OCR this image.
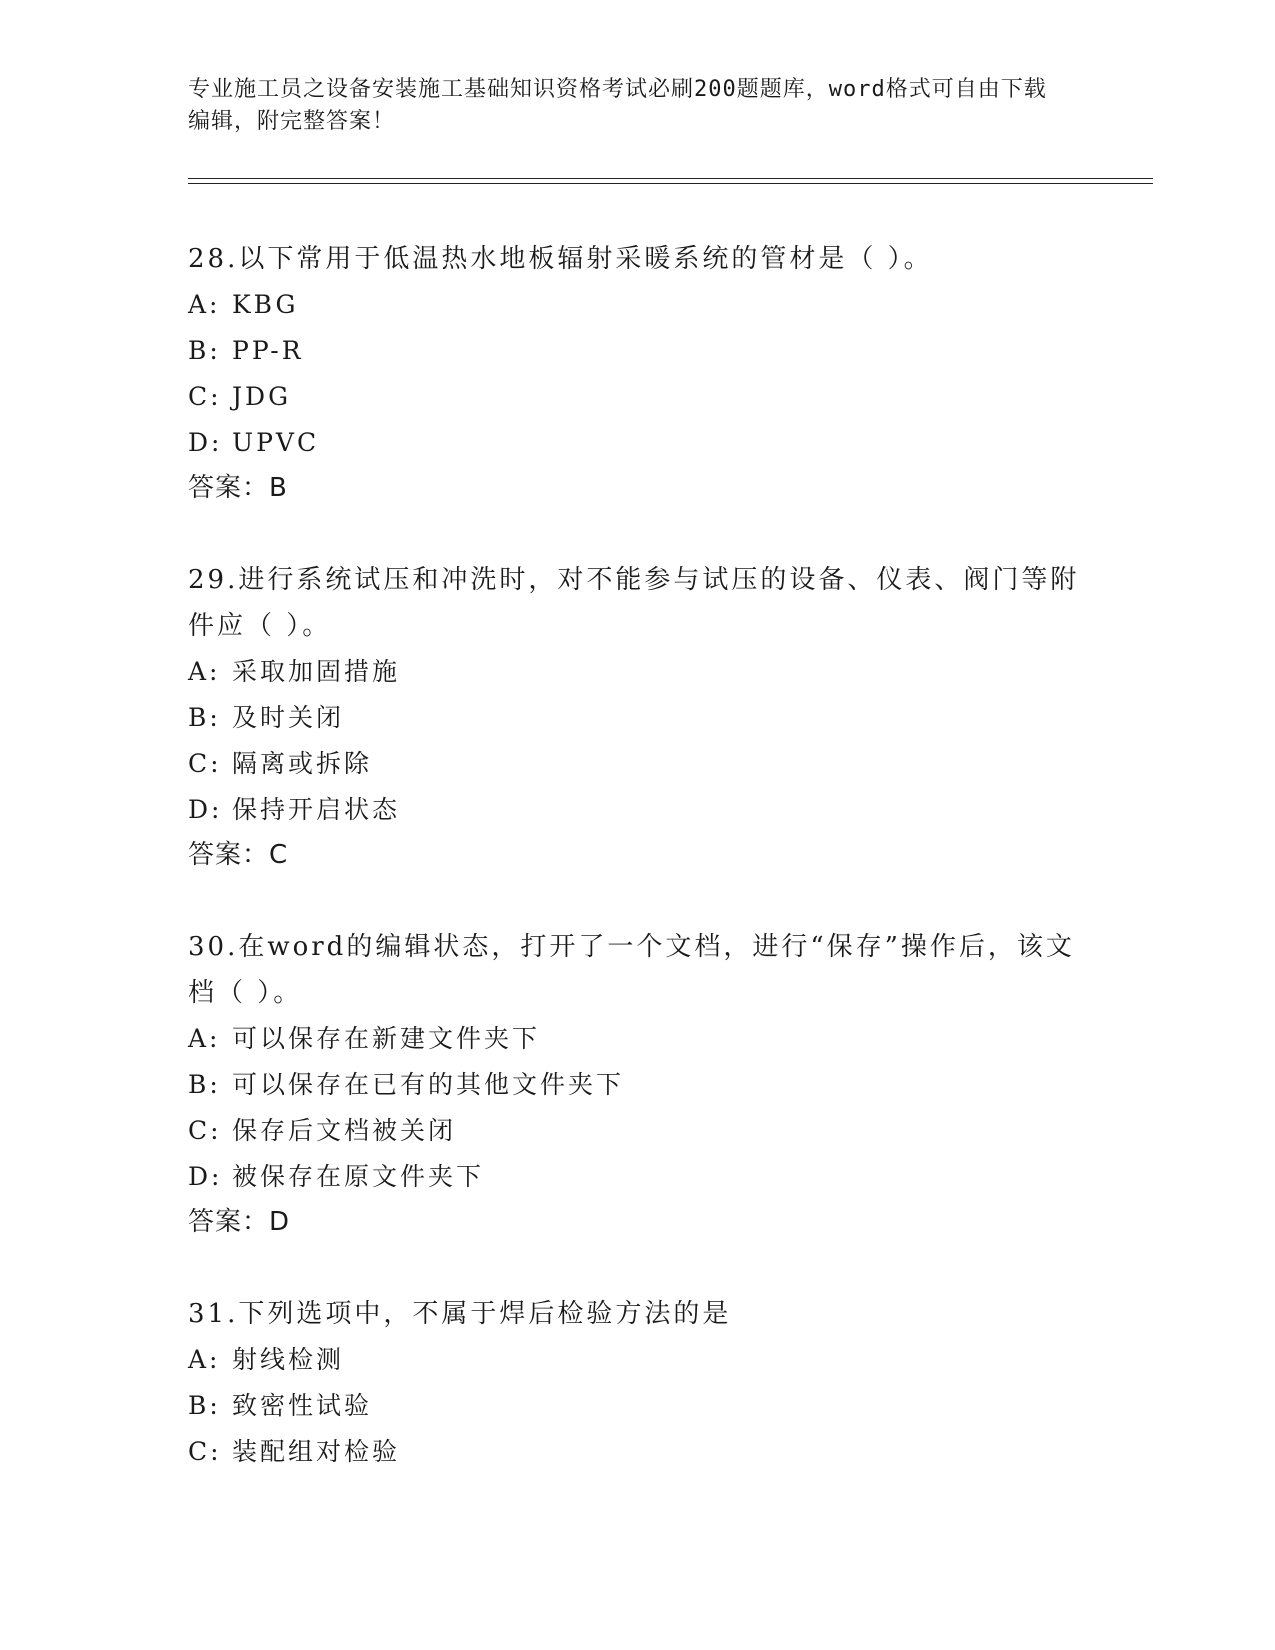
专业施工员之设备安装施工基础知识资格考试必刷200题题库，word格式可自由下载编辑，附完整答案！

28.以下常用于低温热水地板辐射采暖系统的管材是（ ）。

A: KBG
B: PP-R
C: JDG
D: UPVC
答案：B

29.进行系统试压和冲洗时，对不能参与试压的设备、仪表、阀门等附件应（ ）。

A: 采取加固措施
B: 及时关闭
C: 隔离或拆除
D: 保持开启状态
答案：C

30.在word的编辑状态，打开了一个文档，进行“保存”操作后，该文档（ ）。

A: 可以保存在新建文件夹下
B: 可以保存在已有的其他文件夹下
C: 保存后文档被关闭
D: 被保存在原文件夹下
答案：D

31.下列选项中，不属于焊后检验方法的是

A: 射线检测
B: 致密性试验
C: 装配组对检验
